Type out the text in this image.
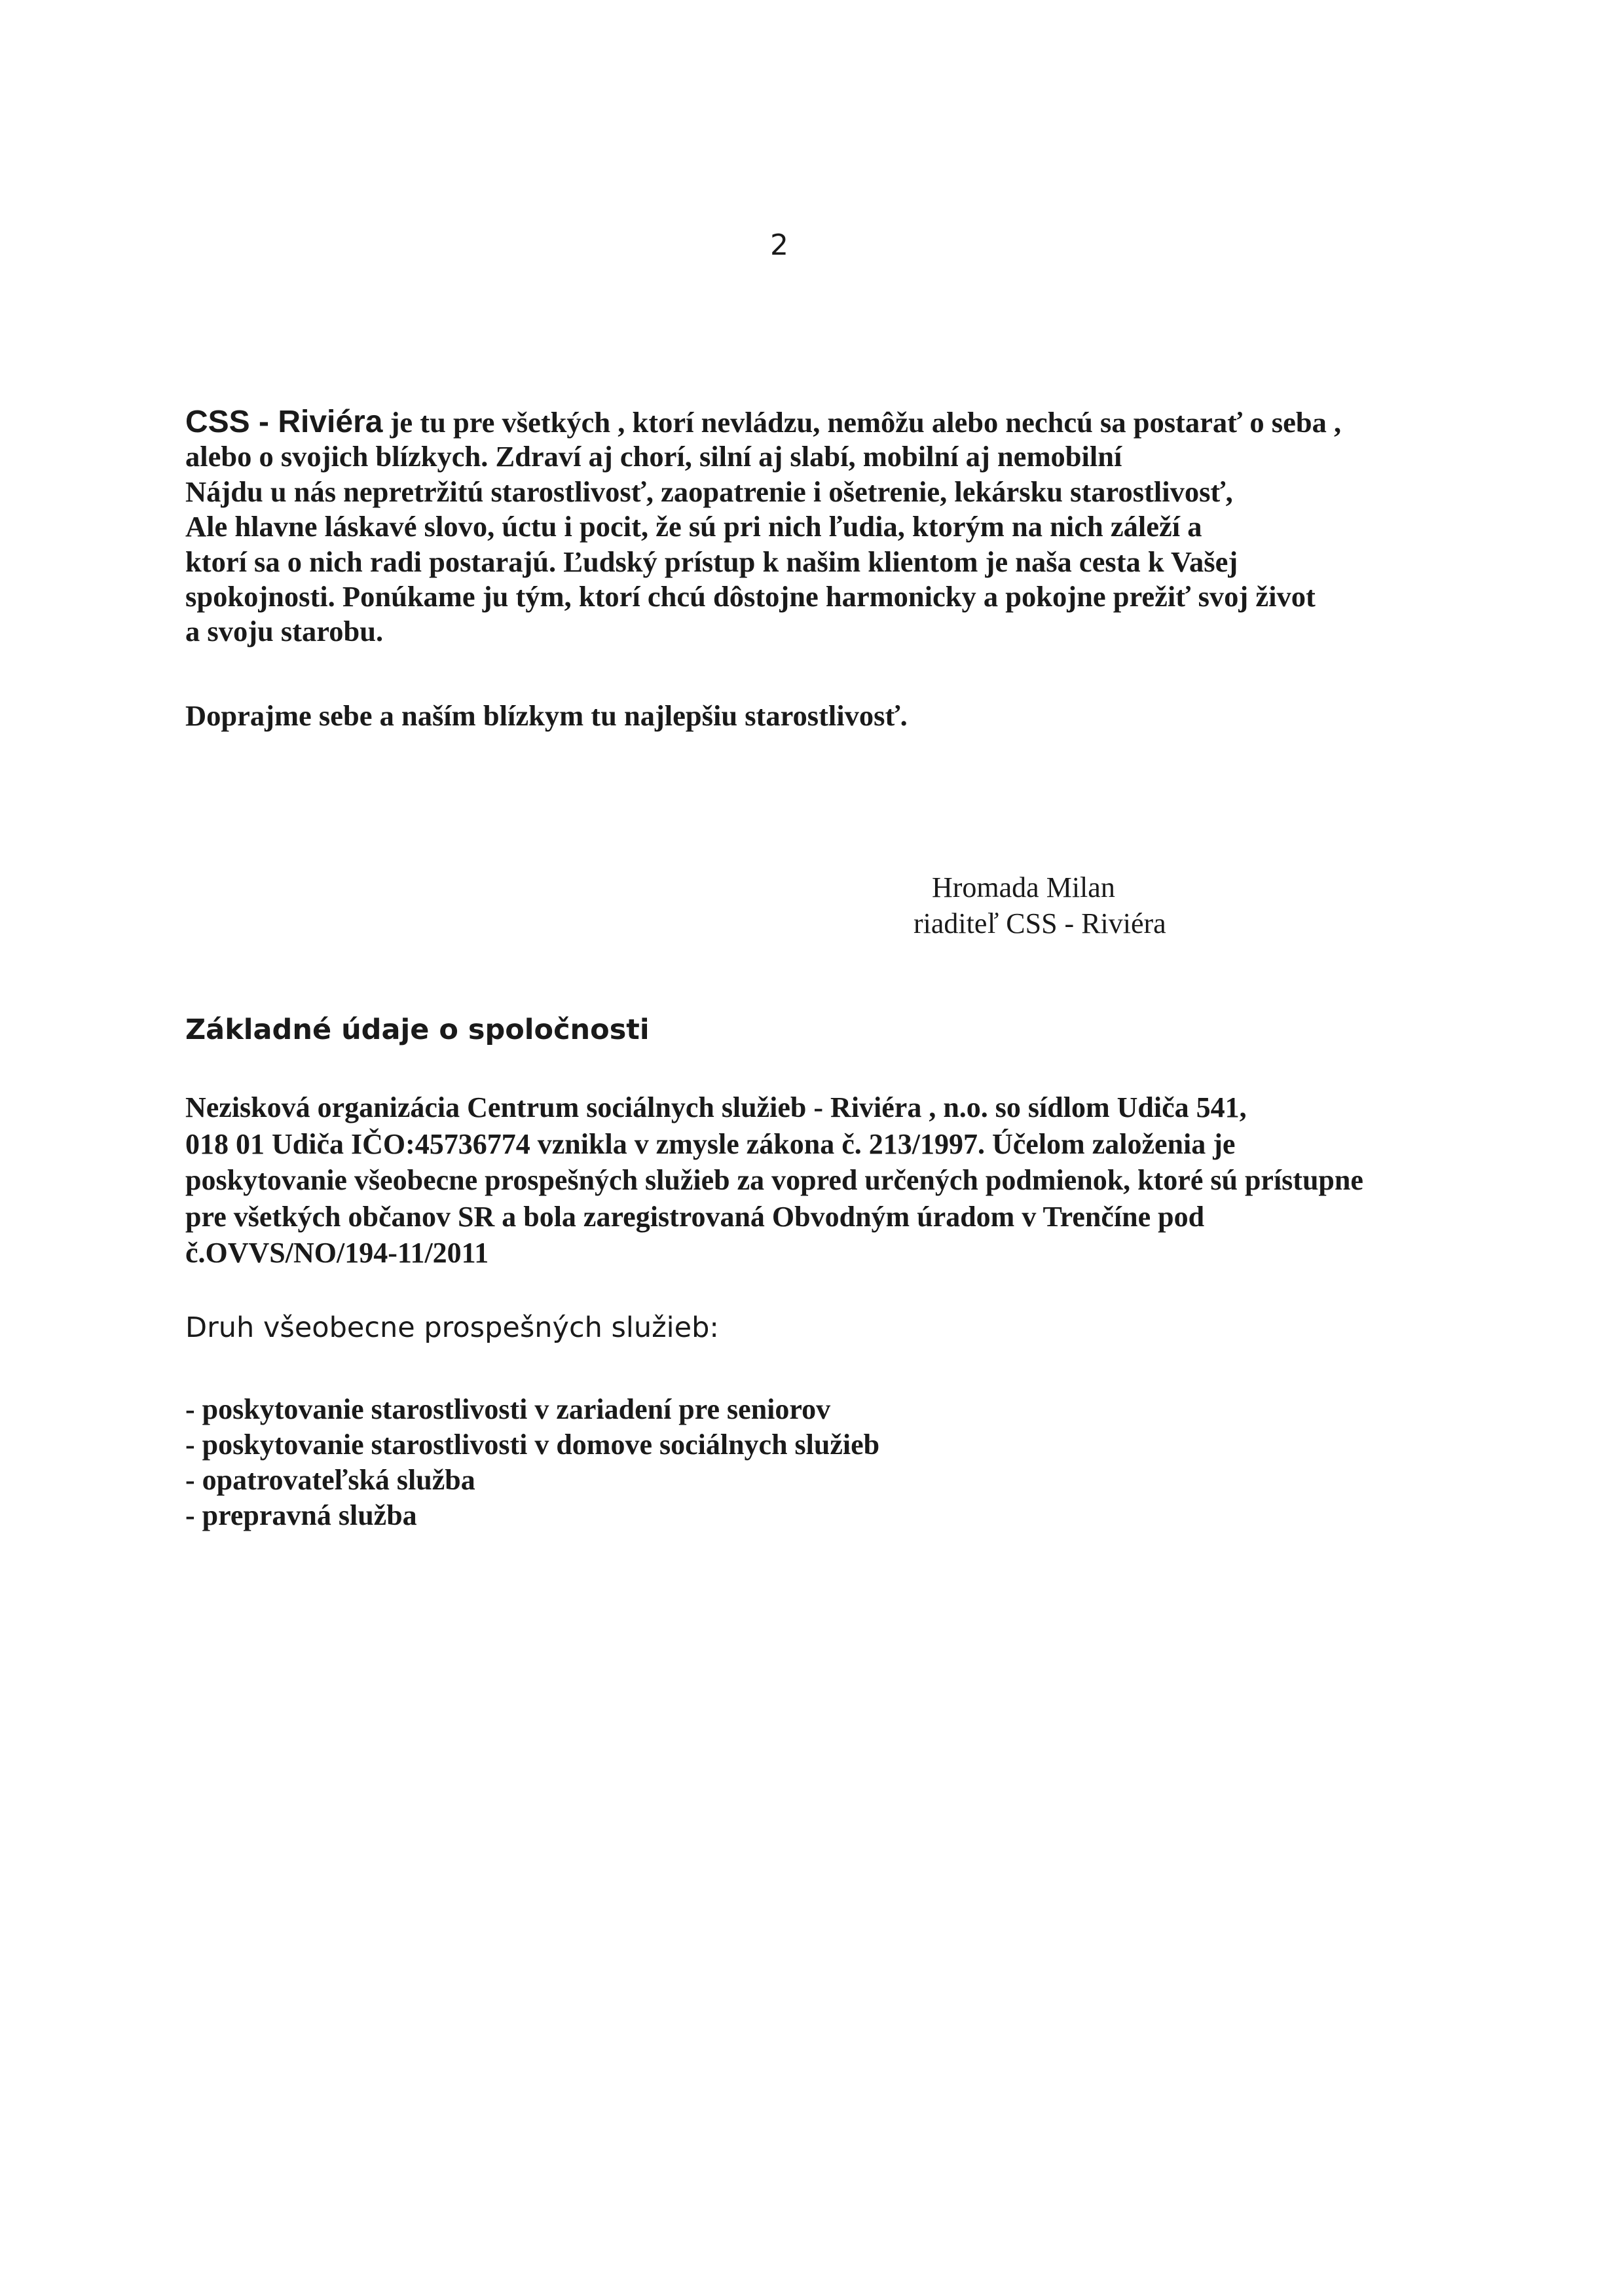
2
CSS - Riviéra je tu pre všetkých , ktorí nevládzu, nemôžu alebo nechcú sa postarať o seba ,
alebo o svojich blízkych. Zdraví aj chorí, silní aj slabí, mobilní aj nemobilní
Nájdu u nás nepretržitú starostlivosť, zaopatrenie i ošetrenie, lekársku starostlivosť,
Ale hlavne láskavé slovo, úctu i pocit, že sú pri nich ľudia, ktorým na nich záleží a
ktorí sa o nich radi postarajú. Ľudský prístup k našim klientom je naša cesta k Vašej
spokojnosti. Ponúkame ju tým, ktorí chcú dôstojne harmonicky a pokojne prežiť svoj život
a svoju starobu.
Doprajme sebe a naším blízkym tu najlepšiu starostlivosť.
Hromada Milan
riaditeľ CSS - Riviéra
Základné údaje o spoločnosti
Nezisková organizácia Centrum sociálnych služieb - Riviéra , n.o. so sídlom Udiča 541,
018 01 Udiča IČO:45736774 vznikla v zmysle zákona č. 213/1997. Účelom založenia je
poskytovanie všeobecne prospešných služieb za vopred určených podmienok, ktoré sú prístupne
pre všetkých občanov SR a bola zaregistrovaná Obvodným úradom v Trenčíne pod
č.OVVS/NO/194-11/2011
Druh všeobecne prospešných služieb:
- poskytovanie starostlivosti v zariadení pre seniorov
- poskytovanie starostlivosti v domove sociálnych služieb
- opatrovateľská služba
- prepravná služba
